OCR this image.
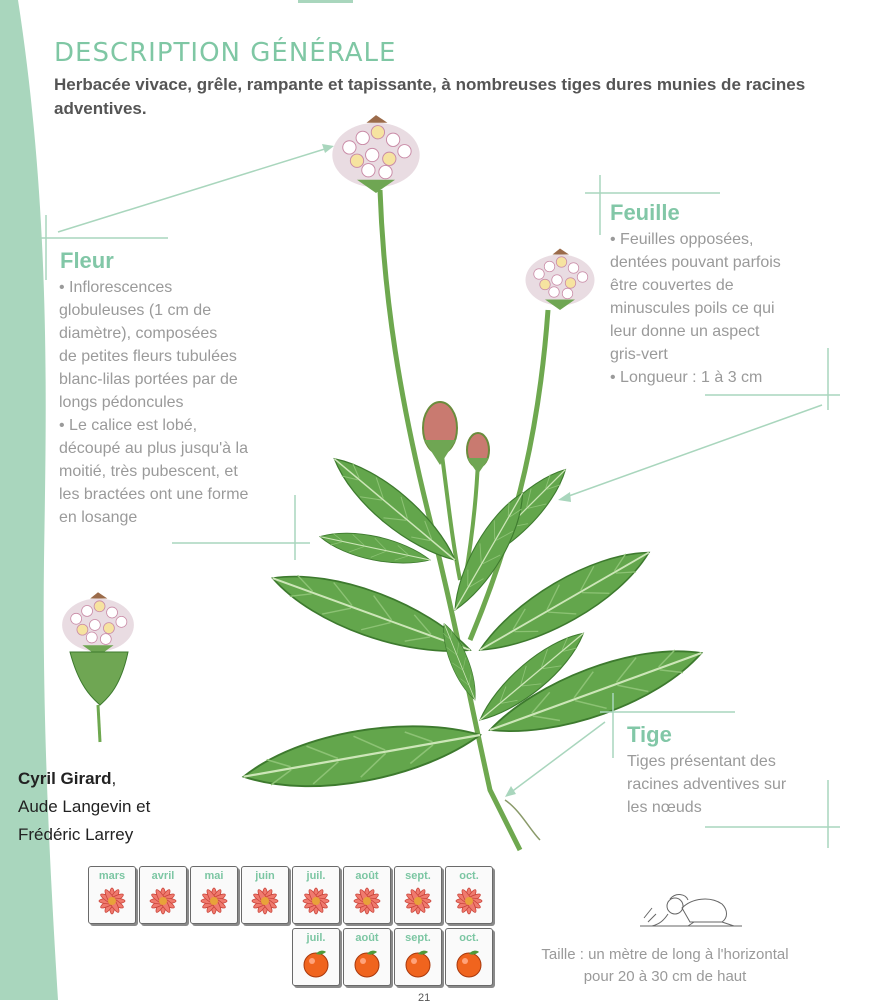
DESCRIPTION GÉNÉRALE

Herbacée vivace, grêle, rampante et tapissante, à nombreuses tiges dures munies de racines adventives.

Fleur
• Inflorescences
globuleuses (1 cm de
diamètre), composées
de petites fleurs tubulées
blanc-lilas portées par de
longs pédoncules
• Le calice est lobé,
découpé au plus jusqu'à la
moitié, très pubescent, et
les bractées ont une forme
en losange
Feuille
• Feuilles opposées,
dentées pouvant parfois
être couvertes de
minuscules poils ce qui
leur donne un aspect
gris-vert
• Longueur : 1 à 3 cm
Tige
Tiges présentant des
racines adventives sur
les nœuds
Cyril Girard,
Aude Langevin et
Frédéric Larrey
mars	avril	mai	juin	juil.	août	sept.	oct.
juil.	août	sept.	oct.
Taille : un mètre de long à l'horizontal
pour 20 à 30 cm de haut
21
